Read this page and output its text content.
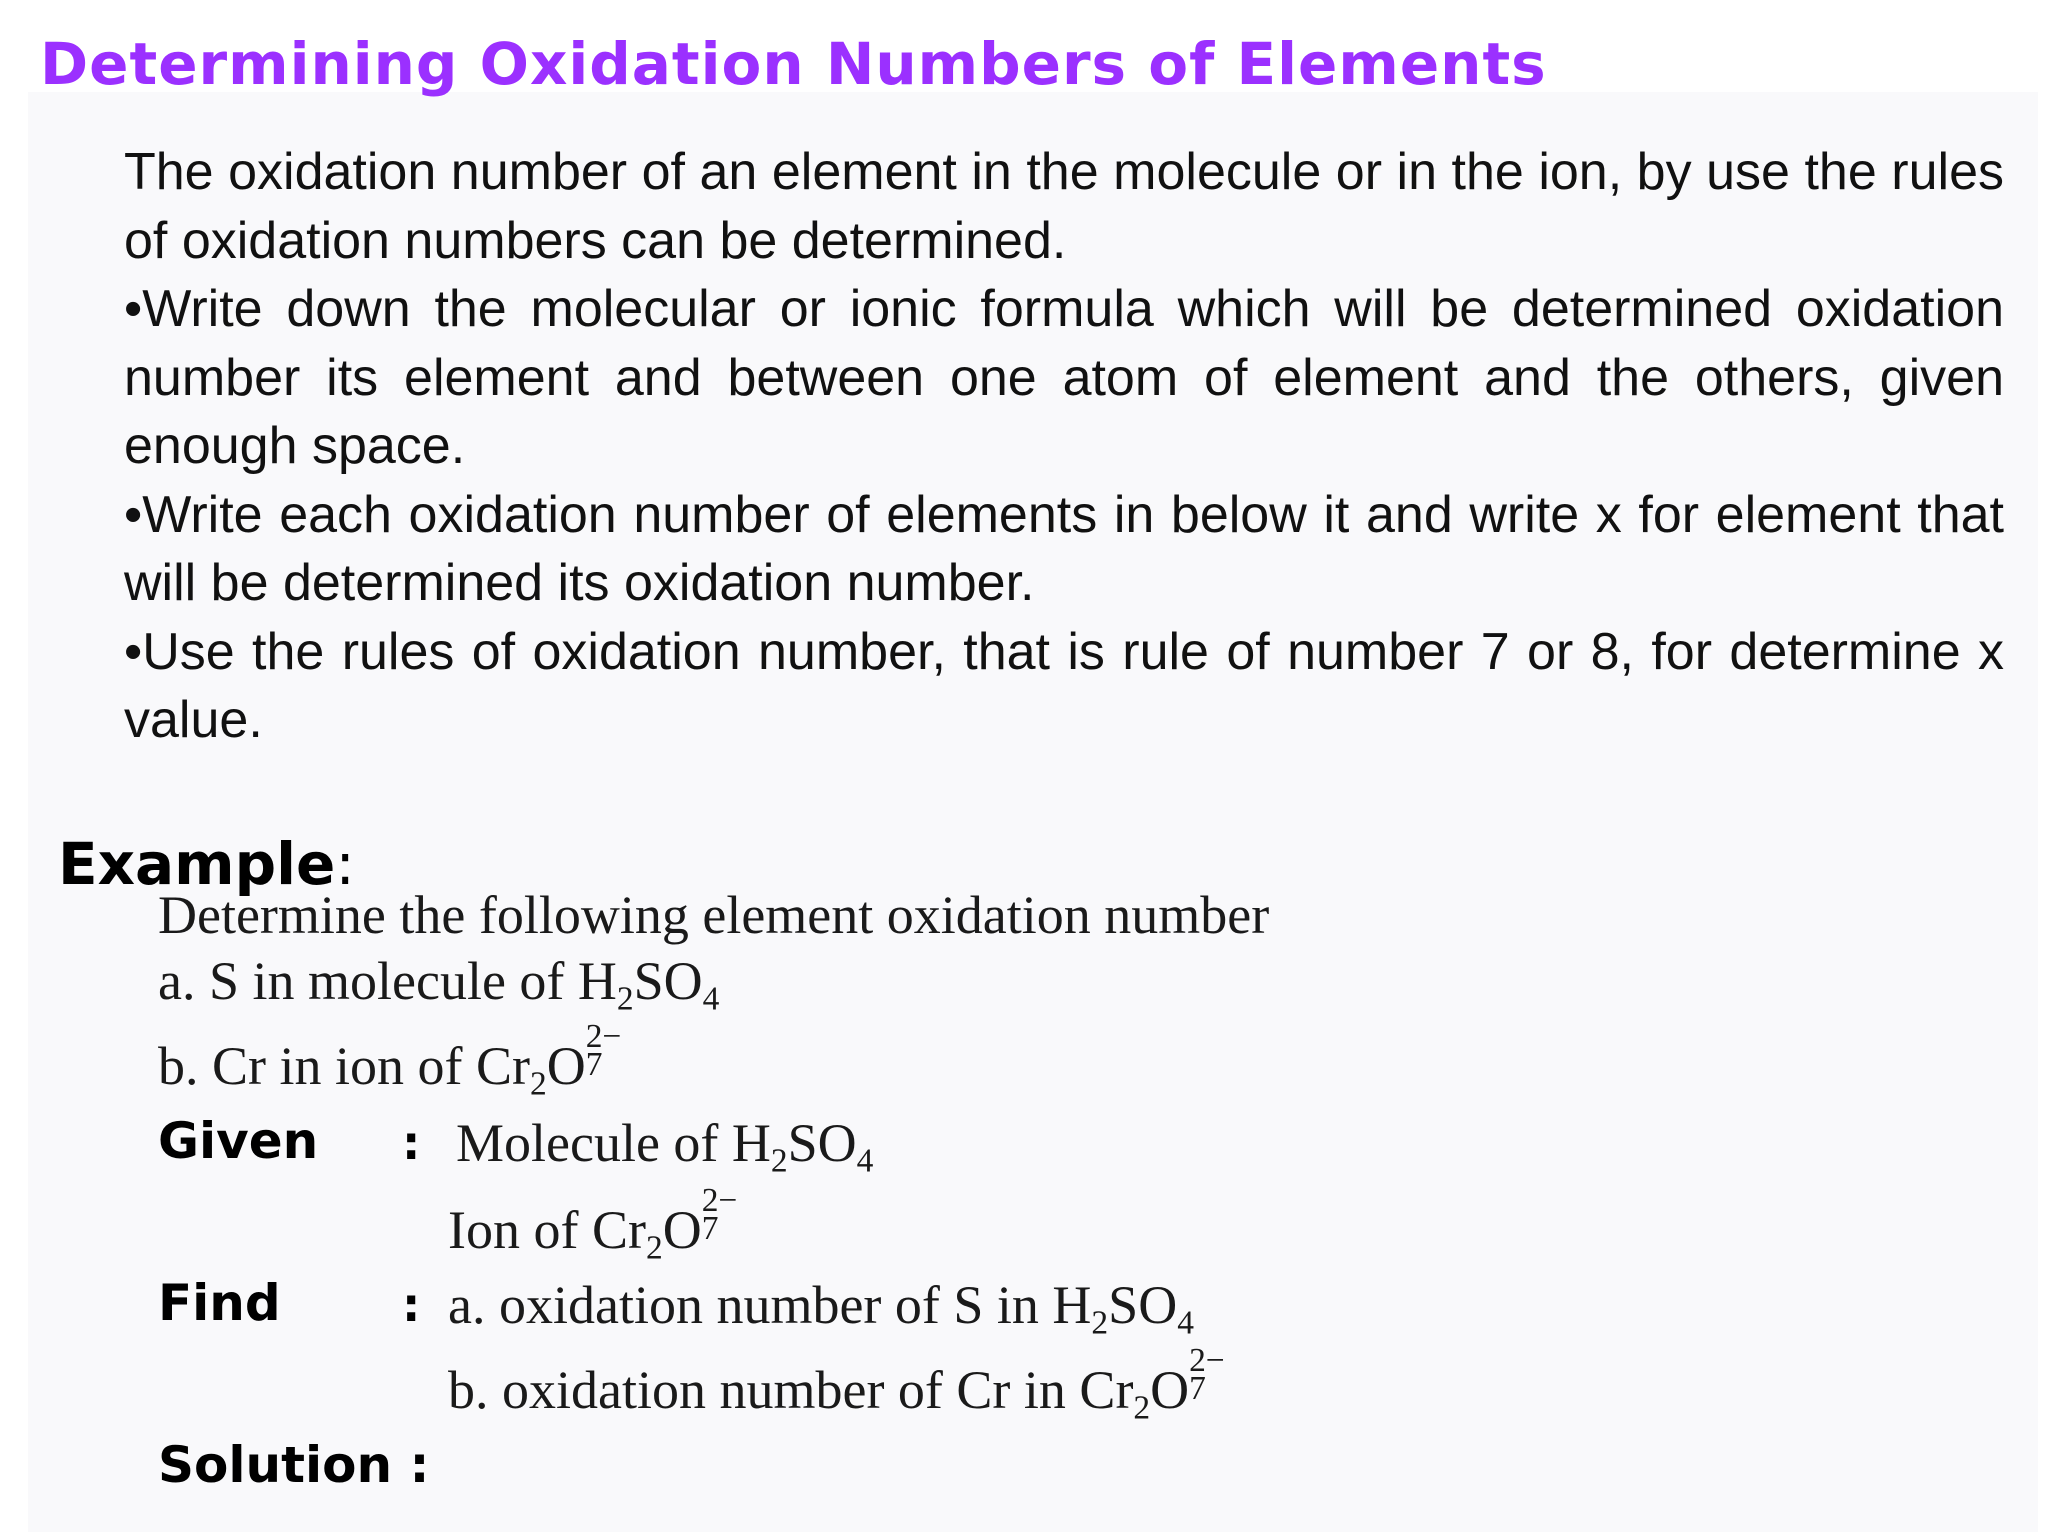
Determining Oxidation Numbers of Elements

The oxidation number of an element in the molecule or in the ion, by use the rules of oxidation numbers can be determined.

•Write down the molecular or ionic formula which will be determined oxidation number its element and between one atom of element and the others, given enough space.

•Write each oxidation number of elements in below it and write x for element that will be determined its oxidation number.

•Use the rules of oxidation number, that is rule of number 7 or 8, for determine x value.

Example:
Determine the following element oxidation number
a. S in molecule of $H_2SO_4$
b. Cr in ion of $Cr_2O$ 2−
7
Given : Molecule of $H_2SO_4$
Ion of $Cr_2O$ 2−
7
Find	: a. oxidation number of S in $H_2SO_4$
b. oxidation number of Cr in $Cr_2O$ 2−
7
Solution :
